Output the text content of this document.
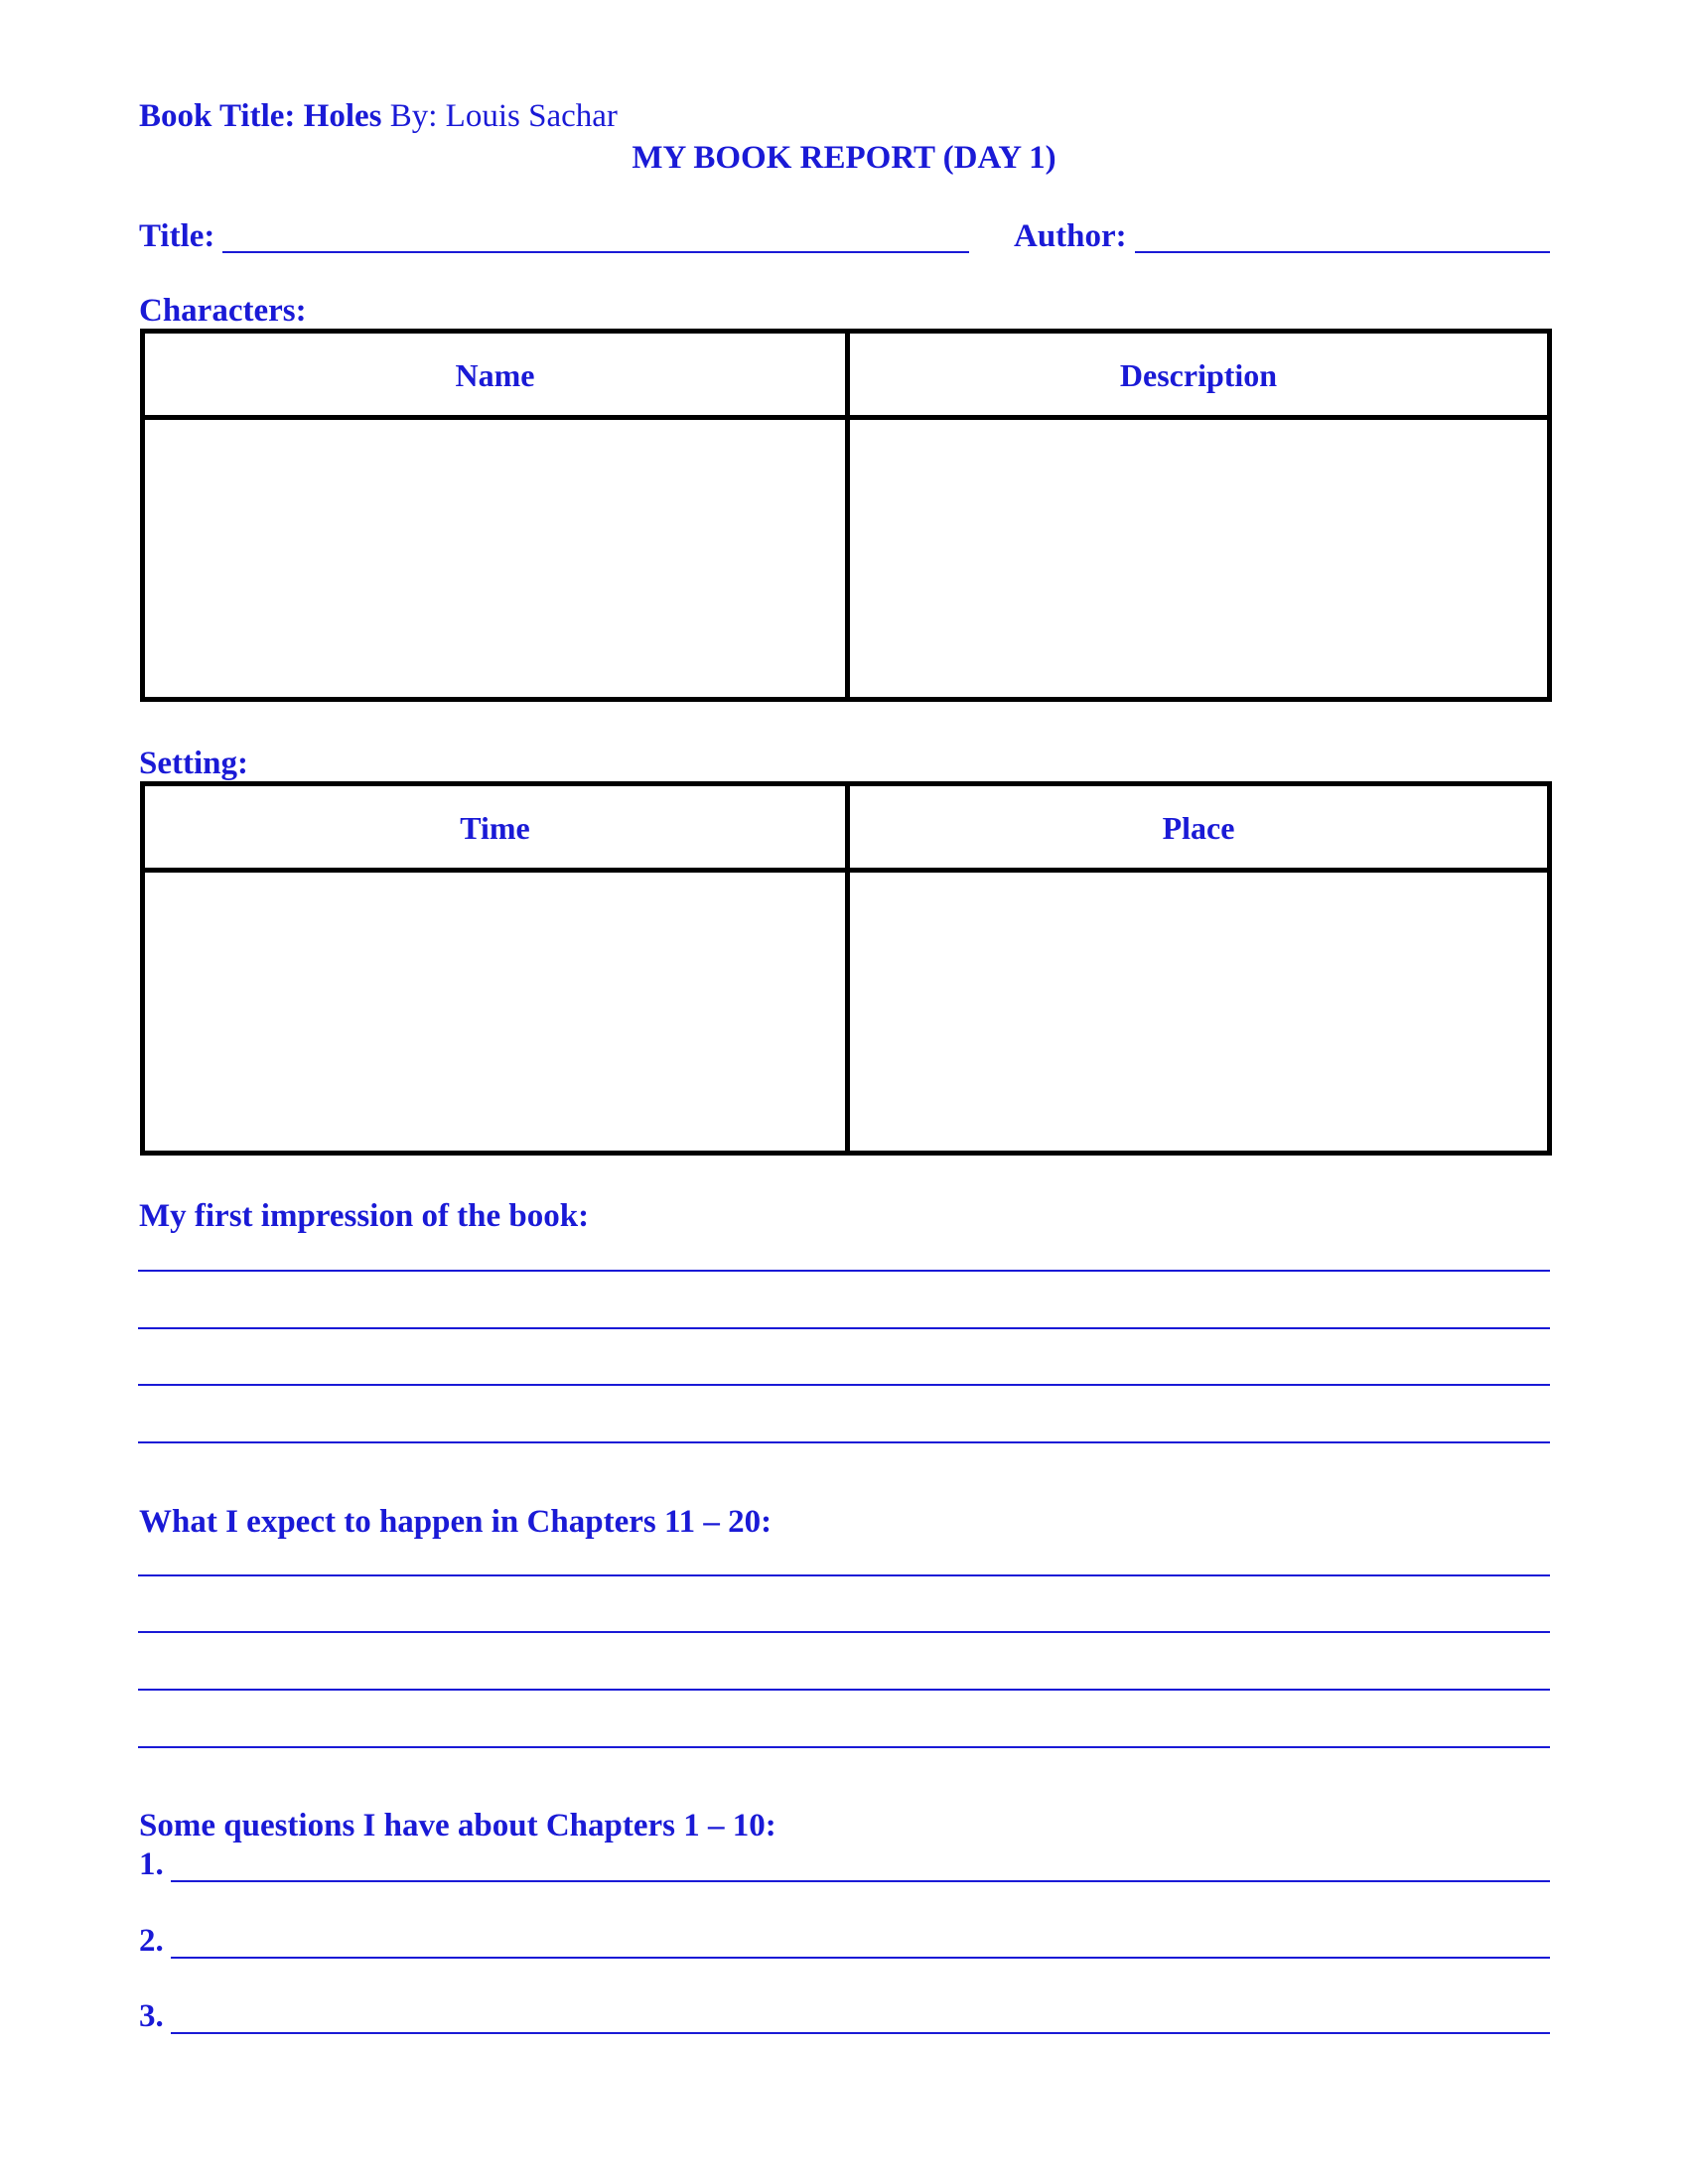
Book Title: Holes By: Louis Sachar
MY BOOK REPORT (DAY 1)
Title:	Author:
Characters:
Name	Description
Setting:
Time	Place
My first impression of the book:
What I expect to happen in Chapters 11 – 20:
Some questions I have about Chapters 1 – 10:
1.
2.
3.
